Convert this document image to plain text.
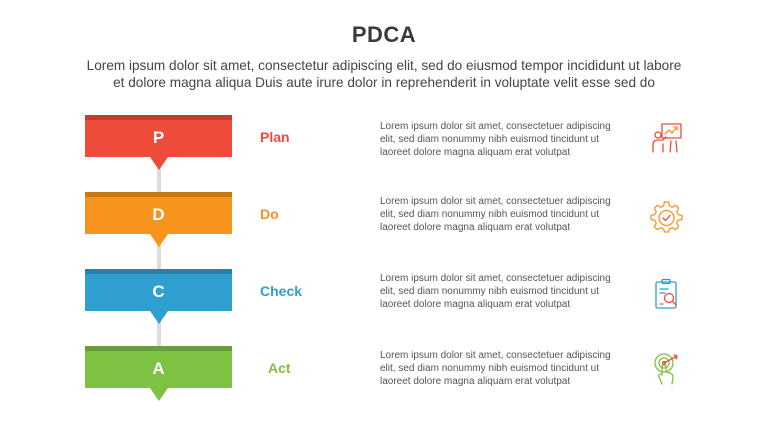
PDCA
Lorem ipsum dolor sit amet, consectetur adipiscing elit, sed do eiusmod tempor incididunt ut labore
et dolore magna aliqua Duis aute irure dolor in reprehenderit in voluptate velit esse sed do
P	Plan
Lorem ipsum dolor sit amet, consectetuer adipiscing
elit, sed diam nonummy nibh euismod tincidunt ut
laoreet dolore magna aliquam erat volutpat
D	Do
Lorem ipsum dolor sit amet, consectetuer adipiscing
elit, sed diam nonummy nibh euismod tincidunt ut
laoreet dolore magna aliquam erat volutpat
C	Check
Lorem ipsum dolor sit amet, consectetuer adipiscing
elit, sed diam nonummy nibh euismod tincidunt ut
laoreet dolore magna aliquam erat volutpat
A	Act
Lorem ipsum dolor sit amet, consectetuer adipiscing
elit, sed diam nonummy nibh euismod tincidunt ut
laoreet dolore magna aliquam erat volutpat
